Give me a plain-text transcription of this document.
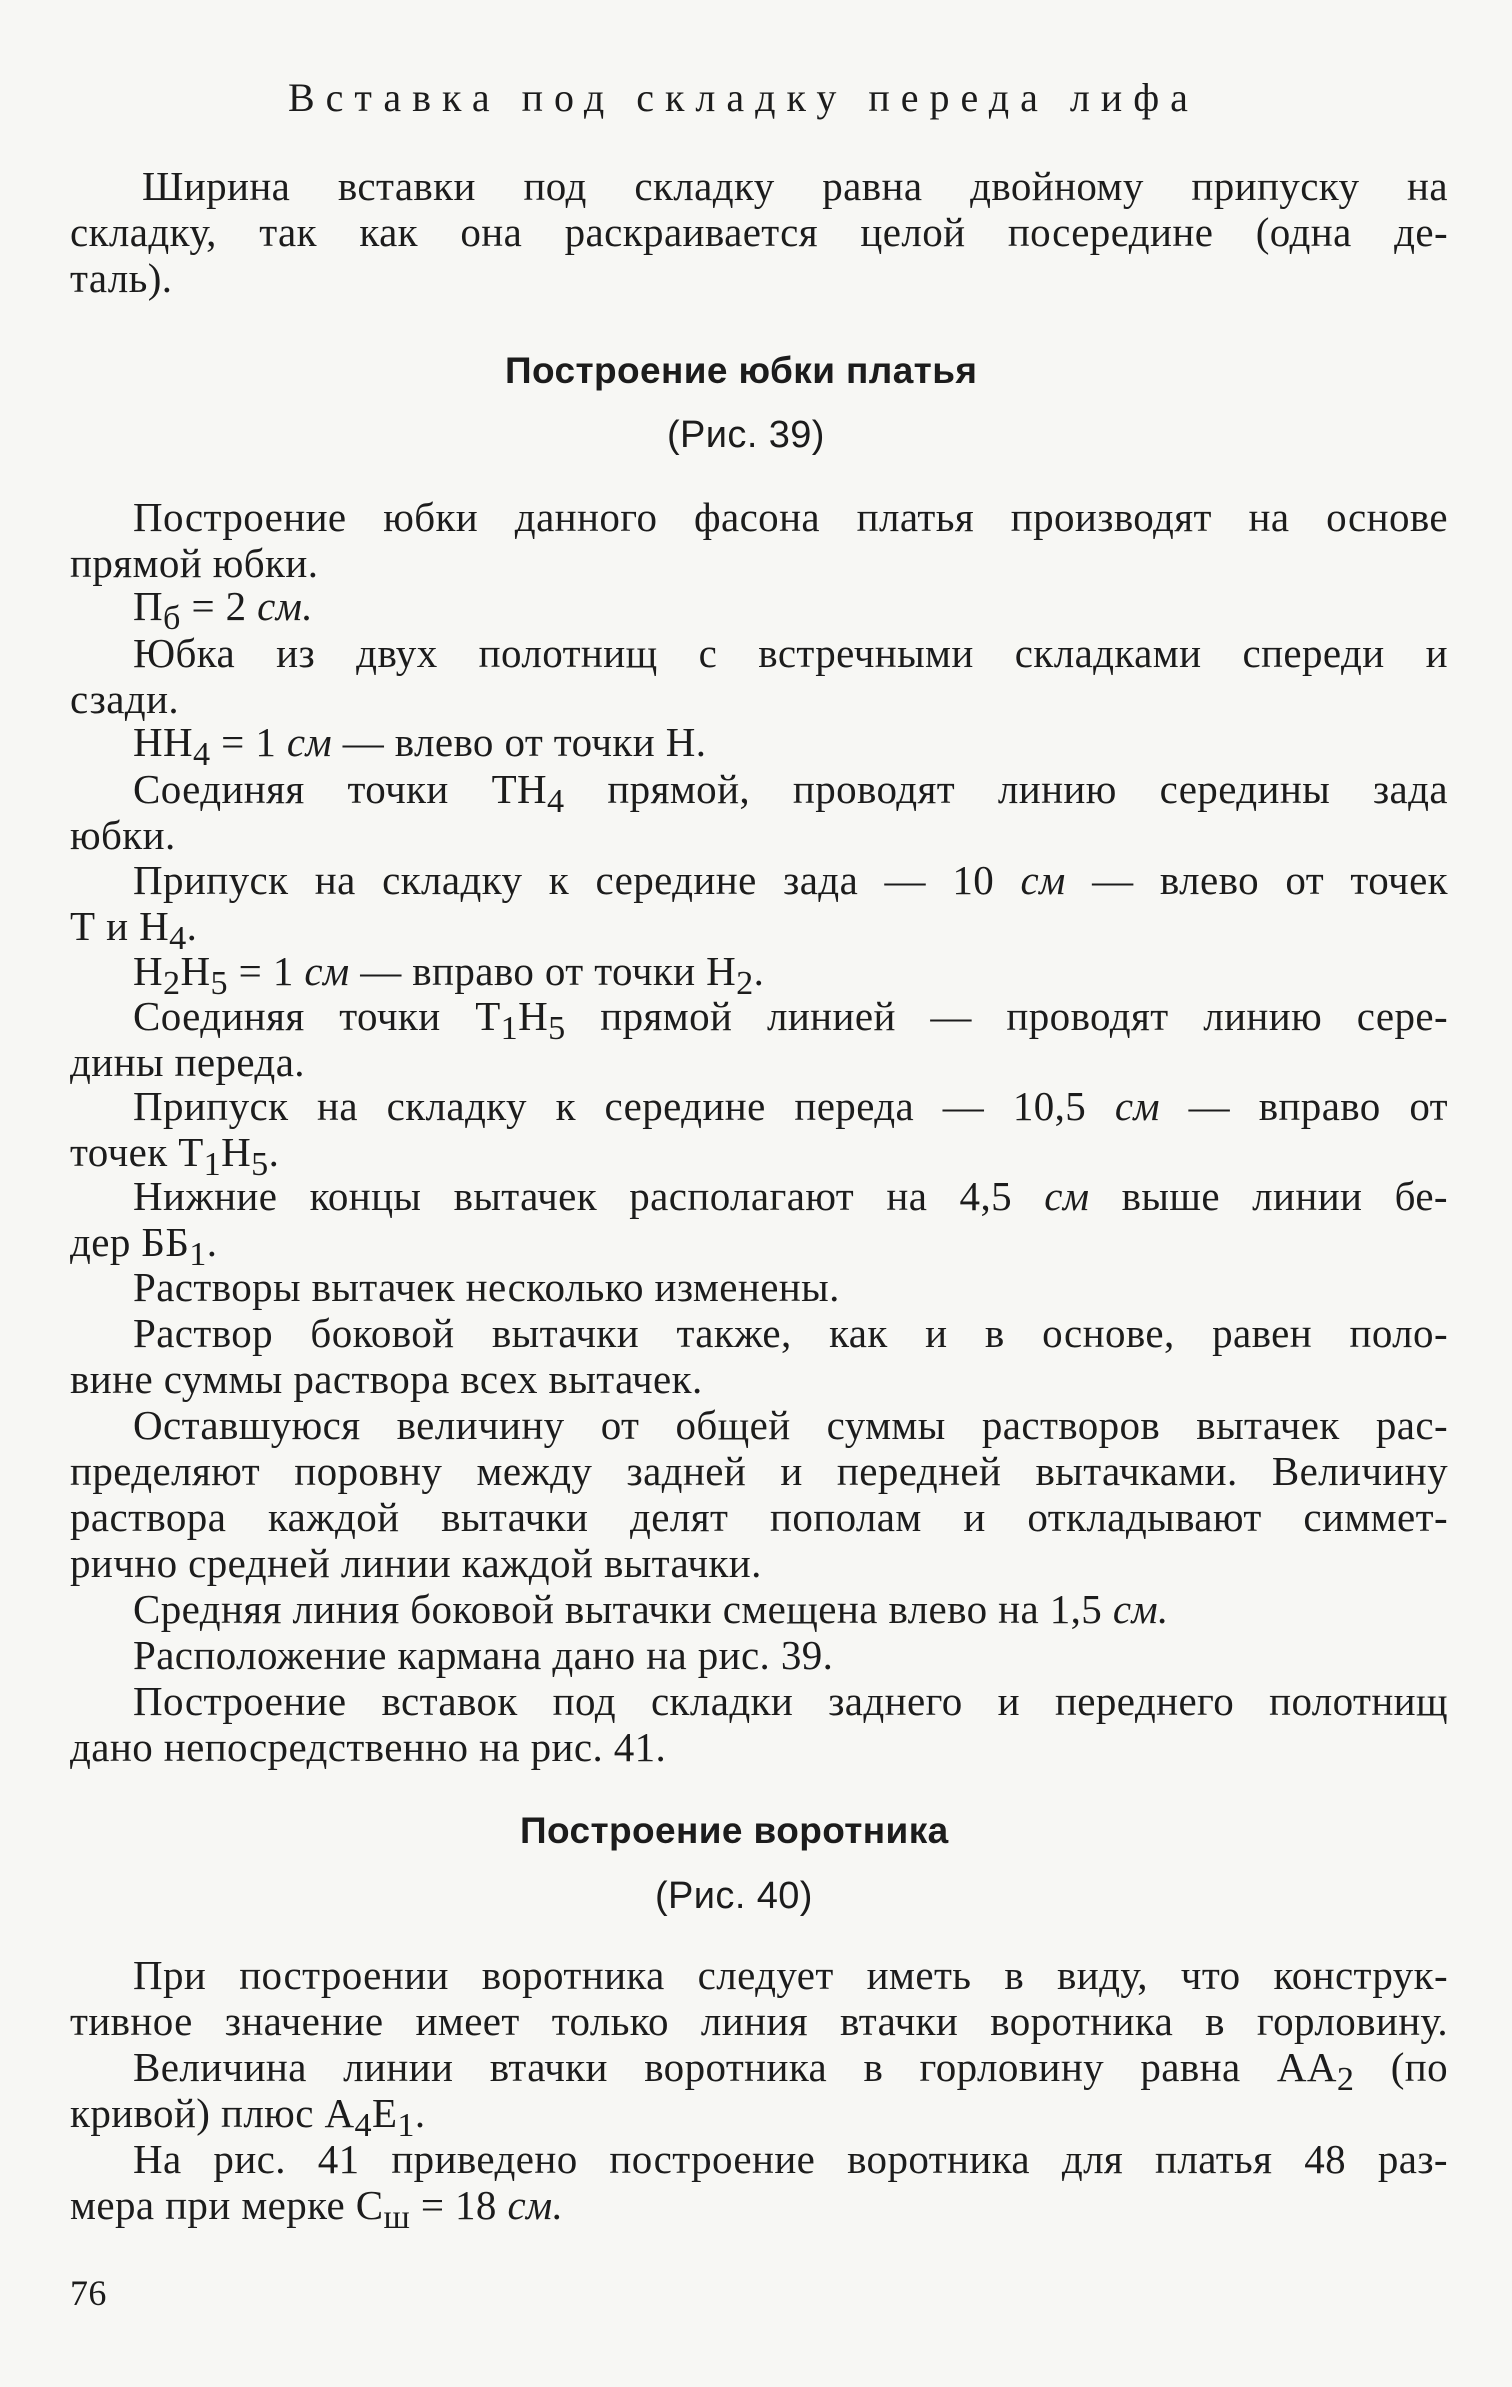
Вставка под складку переда лифа
Ширина вставки под складку равна двойному припуску на
складку, так как она раскраивается целой посередине (одна де-
таль).
Построение юбки платья
(Рис. 39)
Построение юбки данного фасона платья производят на основе
прямой юбки.
$П_б = 2$ см.
Юбка из двух полотнищ с встречными складками спереди и
сзади.
$НН_4 = 1$ см — влево от точки Н.
Соединяя точки $ТН_4$ прямой, проводят линию середины зада
юбки.
Припуск на складку к середине зада — 10 см — влево от точек
Т и $Н_4$.
$Н_2Н_5 = 1$ см — вправо от точки $Н_2$.
Соединяя точки $Т_1Н_5$ прямой линией — проводят линию сере-
дины переда.
Припуск на складку к середине переда — 10,5 см — вправо от
точек $Т_1Н_5$.
Нижние концы вытачек располагают на 4,5 см выше линии бе-
дер $ББ_1$.
Растворы вытачек несколько изменены.
Раствор боковой вытачки также, как и в основе, равен поло-
вине суммы раствора всех вытачек.
Оставшуюся величину от общей суммы растворов вытачек рас-
пределяют поровну между задней и передней вытачками. Величину
раствора каждой вытачки делят пополам и откладывают симмет-
рично средней линии каждой вытачки.
Средняя линия боковой вытачки смещена влево на 1,5 см.
Расположение кармана дано на рис. 39.
Построение вставок под складки заднего и переднего полотнищ
дано непосредственно на рис. 41.
Построение воротника
(Рис. 40)
При построении воротника следует иметь в виду, что конструк-
тивное значение имеет только линия втачки воротника в горловину.
Величина линии втачки воротника в горловину равна $АА_2$ (по
кривой) плюс $А_4Е_1$.
На рис. 41 приведено построение воротника для платья 48 раз-
мера при мерке $С_ш = 18$ см.
76
